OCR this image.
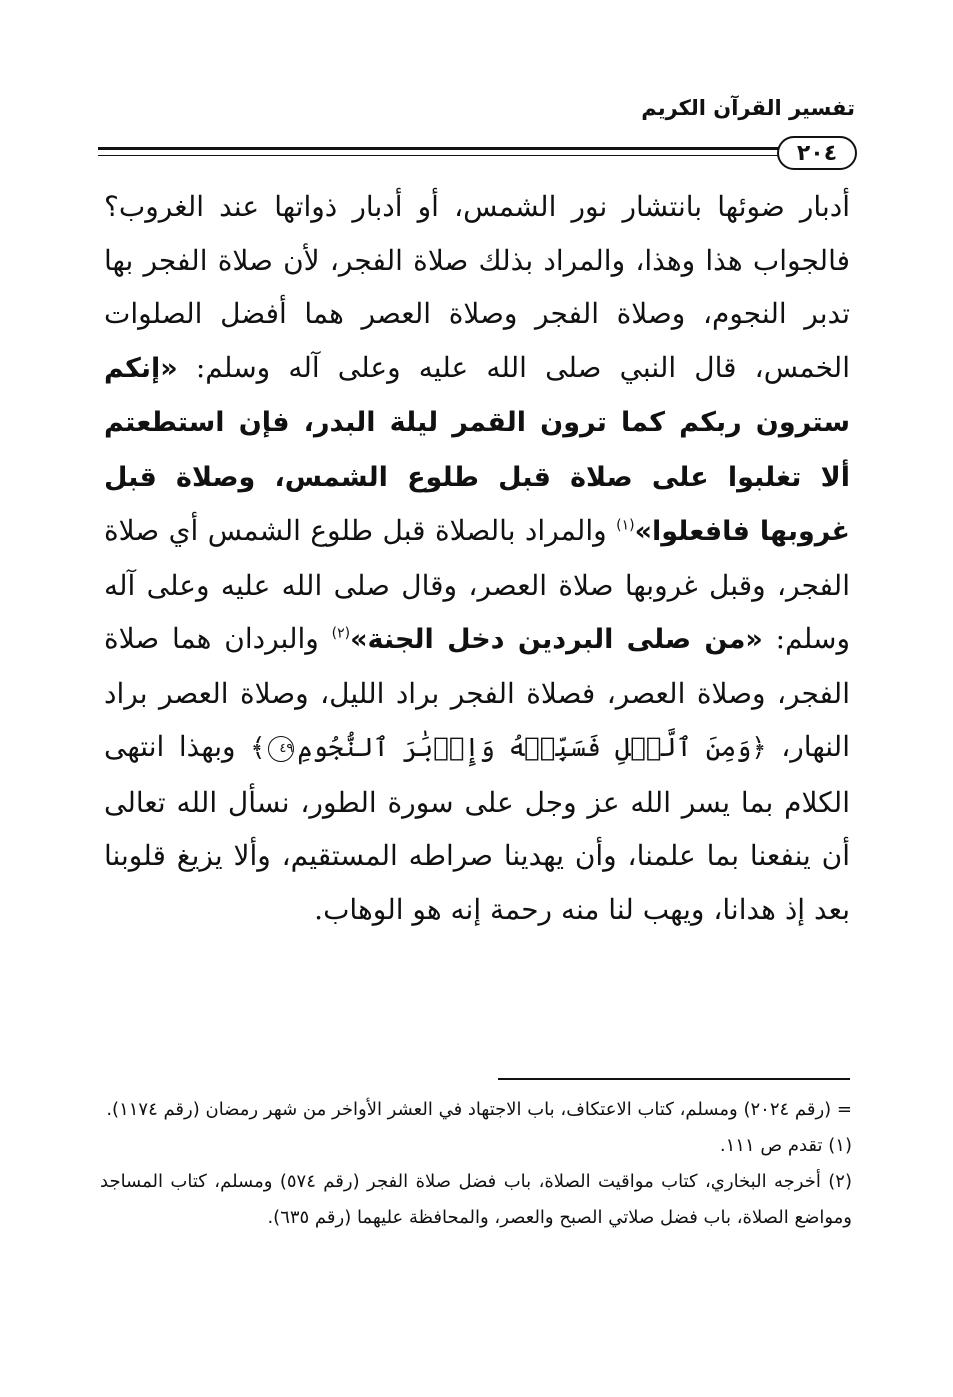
تفسير القرآن الكريم
٢٠٤
أدبار ضوئها بانتشار نور الشمس، أو أدبار ذواتها عند الغروب؟ فالجواب هذا وهذا، والمراد بذلك صلاة الفجر، لأن صلاة الفجر بها تدبر النجوم، وصلاة الفجر وصلاة العصر هما أفضل الصلوات الخمس، قال النبي صلى الله عليه وعلى آله وسلم: «إنكم سترون ربكم كما ترون القمر ليلة البدر، فإن استطعتم ألا تغلبوا على صلاة قبل طلوع الشمس، وصلاة قبل غروبها فافعلوا»$^{(١)}$ والمراد بالصلاة قبل طلوع الشمس أي صلاة الفجر، وقبل غروبها صلاة العصر، وقال صلى الله عليه وعلى آله وسلم: «من صلى البردين دخل الجنة»$^{(٢)}$ والبردان هما صلاة الفجر، وصلاة العصر، فصلاة الفجر براد الليل، وصلاة العصر براد النهار، ﴿وَمِنَ ٱلَّيۡلِ فَسَبِّحۡهُ وَإِدۡبَٰرَ ٱلنُّجُومِ٤٩﴾ وبهذا انتهى الكلام بما يسر الله عز وجل على سورة الطور، نسأل الله تعالى أن ينفعنا بما علمنا، وأن يهدينا صراطه المستقيم، وألا يزيغ قلوبنا بعد إذ هدانا، ويهب لنا منه رحمة إنه هو الوهاب.

= (رقم ٢٠٢٤) ومسلم، كتاب الاعتكاف، باب الاجتهاد في العشر الأواخر من شهر رمضان (رقم ١١٧٤).

(١) تقدم ص ١١١.

(٢) أخرجه البخاري، كتاب مواقيت الصلاة، باب فضل صلاة الفجر (رقم ٥٧٤) ومسلم، كتاب المساجد ومواضع الصلاة، باب فضل صلاتي الصبح والعصر، والمحافظة عليهما (رقم ٦٣٥).
